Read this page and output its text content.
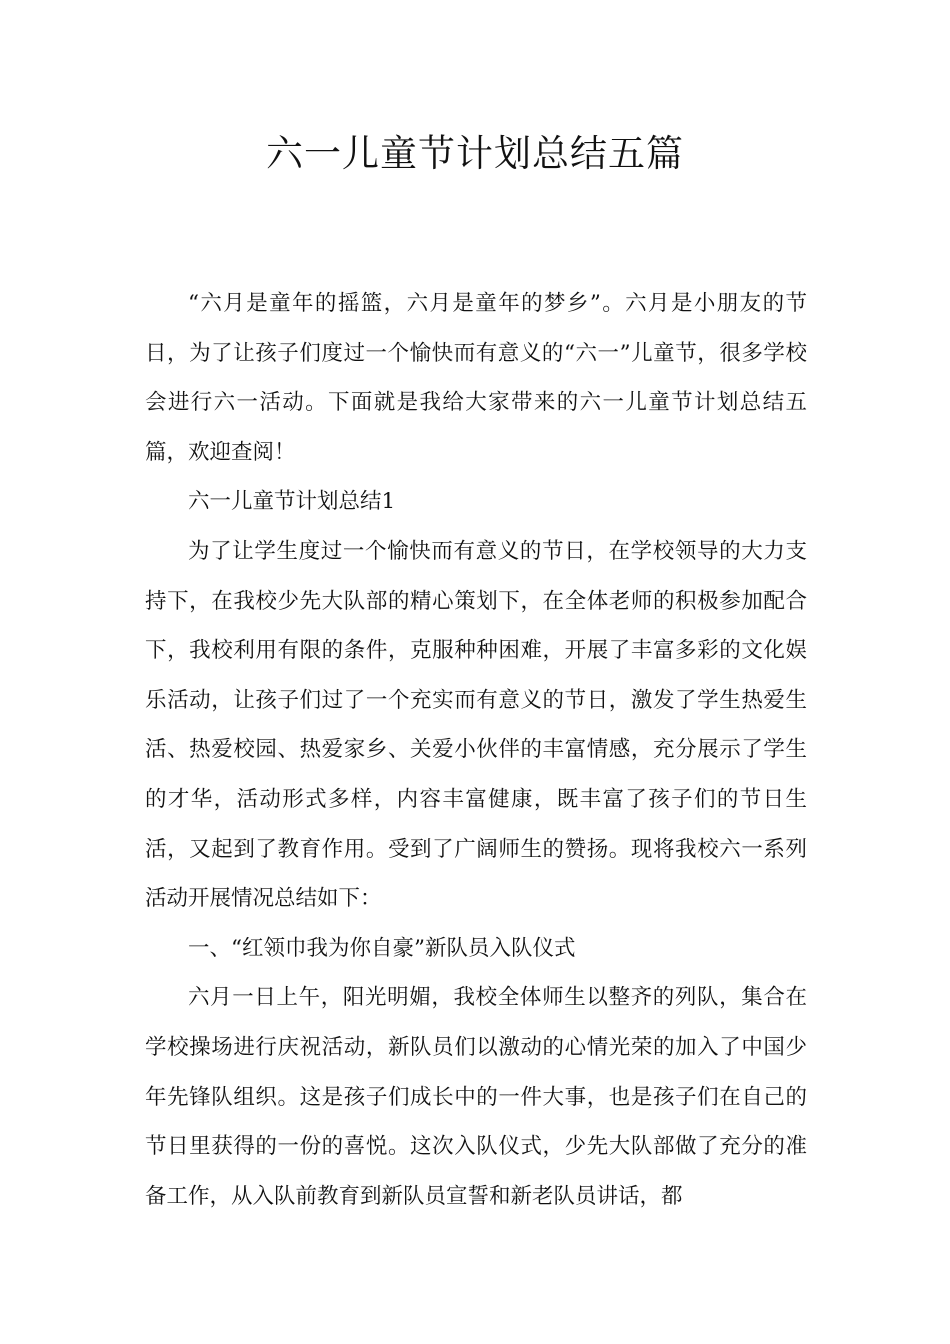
六一儿童节计划总结五篇

“六月是童年的摇篮，六月是童年的梦乡”。六月是小朋友的节日，为了让孩子们度过一个愉快而有意义的“六一”儿童节，很多学校会进行六一活动。下面就是我给大家带来的六一儿童节计划总结五篇，欢迎查阅！

六一儿童节计划总结1

为了让学生度过一个愉快而有意义的节日，在学校领导的大力支持下，在我校少先大队部的精心策划下，在全体老师的积极参加配合下，我校利用有限的条件，克服种种困难，开展了丰富多彩的文化娱乐活动，让孩子们过了一个充实而有意义的节日，激发了学生热爱生活、热爱校园、热爱家乡、关爱小伙伴的丰富情感，充分展示了学生的才华，活动形式多样，内容丰富健康，既丰富了孩子们的节日生活，又起到了教育作用。受到了广阔师生的赞扬。现将我校六一系列活动开展情况总结如下：

一、“红领巾我为你自豪”新队员入队仪式

六月一日上午，阳光明媚，我校全体师生以整齐的列队，集合在学校操场进行庆祝活动，新队员们以激动的心情光荣的加入了中国少年先锋队组织。这是孩子们成长中的一件大事，也是孩子们在自己的节日里获得的一份的喜悦。这次入队仪式，少先大队部做了充分的准备工作，从入队前教育到新队员宣誓和新老队员讲话，都
